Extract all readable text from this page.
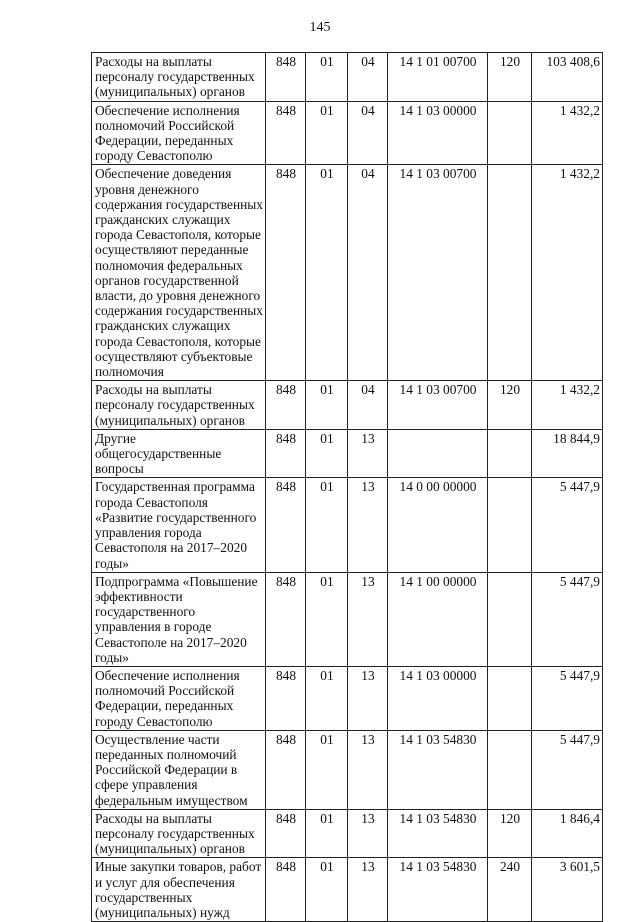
145
Расходы на выплаты персоналу государственных (муниципальных) органов	848	01	04	14 1 01 00700	120	103 408,6
Обеспечение исполнения полномочий Российской Федерации, переданных городу Севастополю	848	01	04	14 1 03 00000		1 432,2
Обеспечение доведения уровня денежного содержания государственных гражданских служащих города Севастополя, которые осуществляют переданные полномочия федеральных органов государственной власти, до уровня денежного содержания государственных гражданских служащих города Севастополя, которые осуществляют субъектовые полномочия	848	01	04	14 1 03 00700		1 432,2
Расходы на выплаты персоналу государственных (муниципальных) органов	848	01	04	14 1 03 00700	120	1 432,2
Другие общегосударственные вопросы	848	01	13			18 844,9
Государственная программа города Севастополя «Развитие государственного управления города Севастополя на 2017–2020 годы»	848	01	13	14 0 00 00000		5 447,9
Подпрограмма «Повышение эффективности государственного управления в городе Севастополе на 2017–2020 годы»	848	01	13	14 1 00 00000		5 447,9
Обеспечение исполнения полномочий Российской Федерации, переданных городу Севастополю	848	01	13	14 1 03 00000		5 447,9
Осуществление части переданных полномочий Российской Федерации в сфере управления федеральным имуществом	848	01	13	14 1 03 54830		5 447,9
Расходы на выплаты персоналу государственных (муниципальных) органов	848	01	13	14 1 03 54830	120	1 846,4
Иные закупки товаров, работ и услуг для обеспечения государственных (муниципальных) нужд	848	01	13	14 1 03 54830	240	3 601,5
